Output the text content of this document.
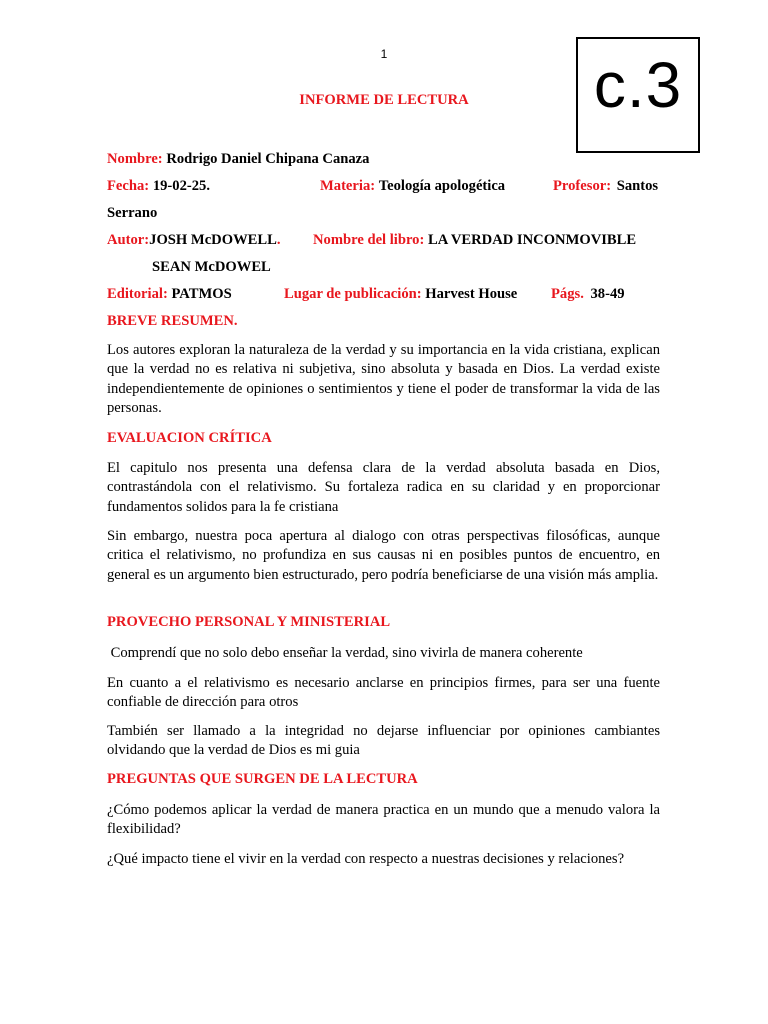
1	c.3
INFORME DE LECTURA
Nombre: Rodrigo Daniel Chipana Canaza
Fecha: 19-02-25.	Materia: Teología apologética	Profesor: Santos
Serrano
Autor:JOSH McDOWELL. Nombre del libro: LA VERDAD INCONMOVIBLE
SEAN McDOWEL
Editorial: PATMOS	Lugar de publicación: Harvest House Págs. 38-49
BREVE RESUMEN.

Los autores exploran la naturaleza de la verdad y su importancia en la vida cristiana, explican que la verdad no es relativa ni subjetiva, sino absoluta y basada en Dios. La verdad existe independientemente de opiniones o sentimientos y tiene el poder de transformar la vida de las personas.

EVALUACION CRÍTICA

El capitulo nos presenta una defensa clara de la verdad absoluta basada en Dios, contrastándola con el relativismo. Su fortaleza radica en su claridad y en proporcionar fundamentos solidos para la fe cristiana

Sin embargo, nuestra poca apertura al dialogo con otras perspectivas filosóficas, aunque critica el relativismo, no profundiza en sus causas ni en posibles puntos de encuentro, en general es un argumento bien estructurado, pero podría beneficiarse de una visión más amplia.

PROVECHO PERSONAL Y MINISTERIAL

Comprendí que no solo debo enseñar la verdad, sino vivirla de manera coherente

En cuanto a el relativismo es necesario anclarse en principios firmes, para ser una fuente confiable de dirección para otros

También ser llamado a la integridad no dejarse influenciar por opiniones cambiantes olvidando que la verdad de Dios es mi guia

PREGUNTAS QUE SURGEN DE LA LECTURA

¿Cómo podemos aplicar la verdad de manera practica en un mundo que a menudo valora la flexibilidad?

¿Qué impacto tiene el vivir en la verdad con respecto a nuestras decisiones y relaciones?
